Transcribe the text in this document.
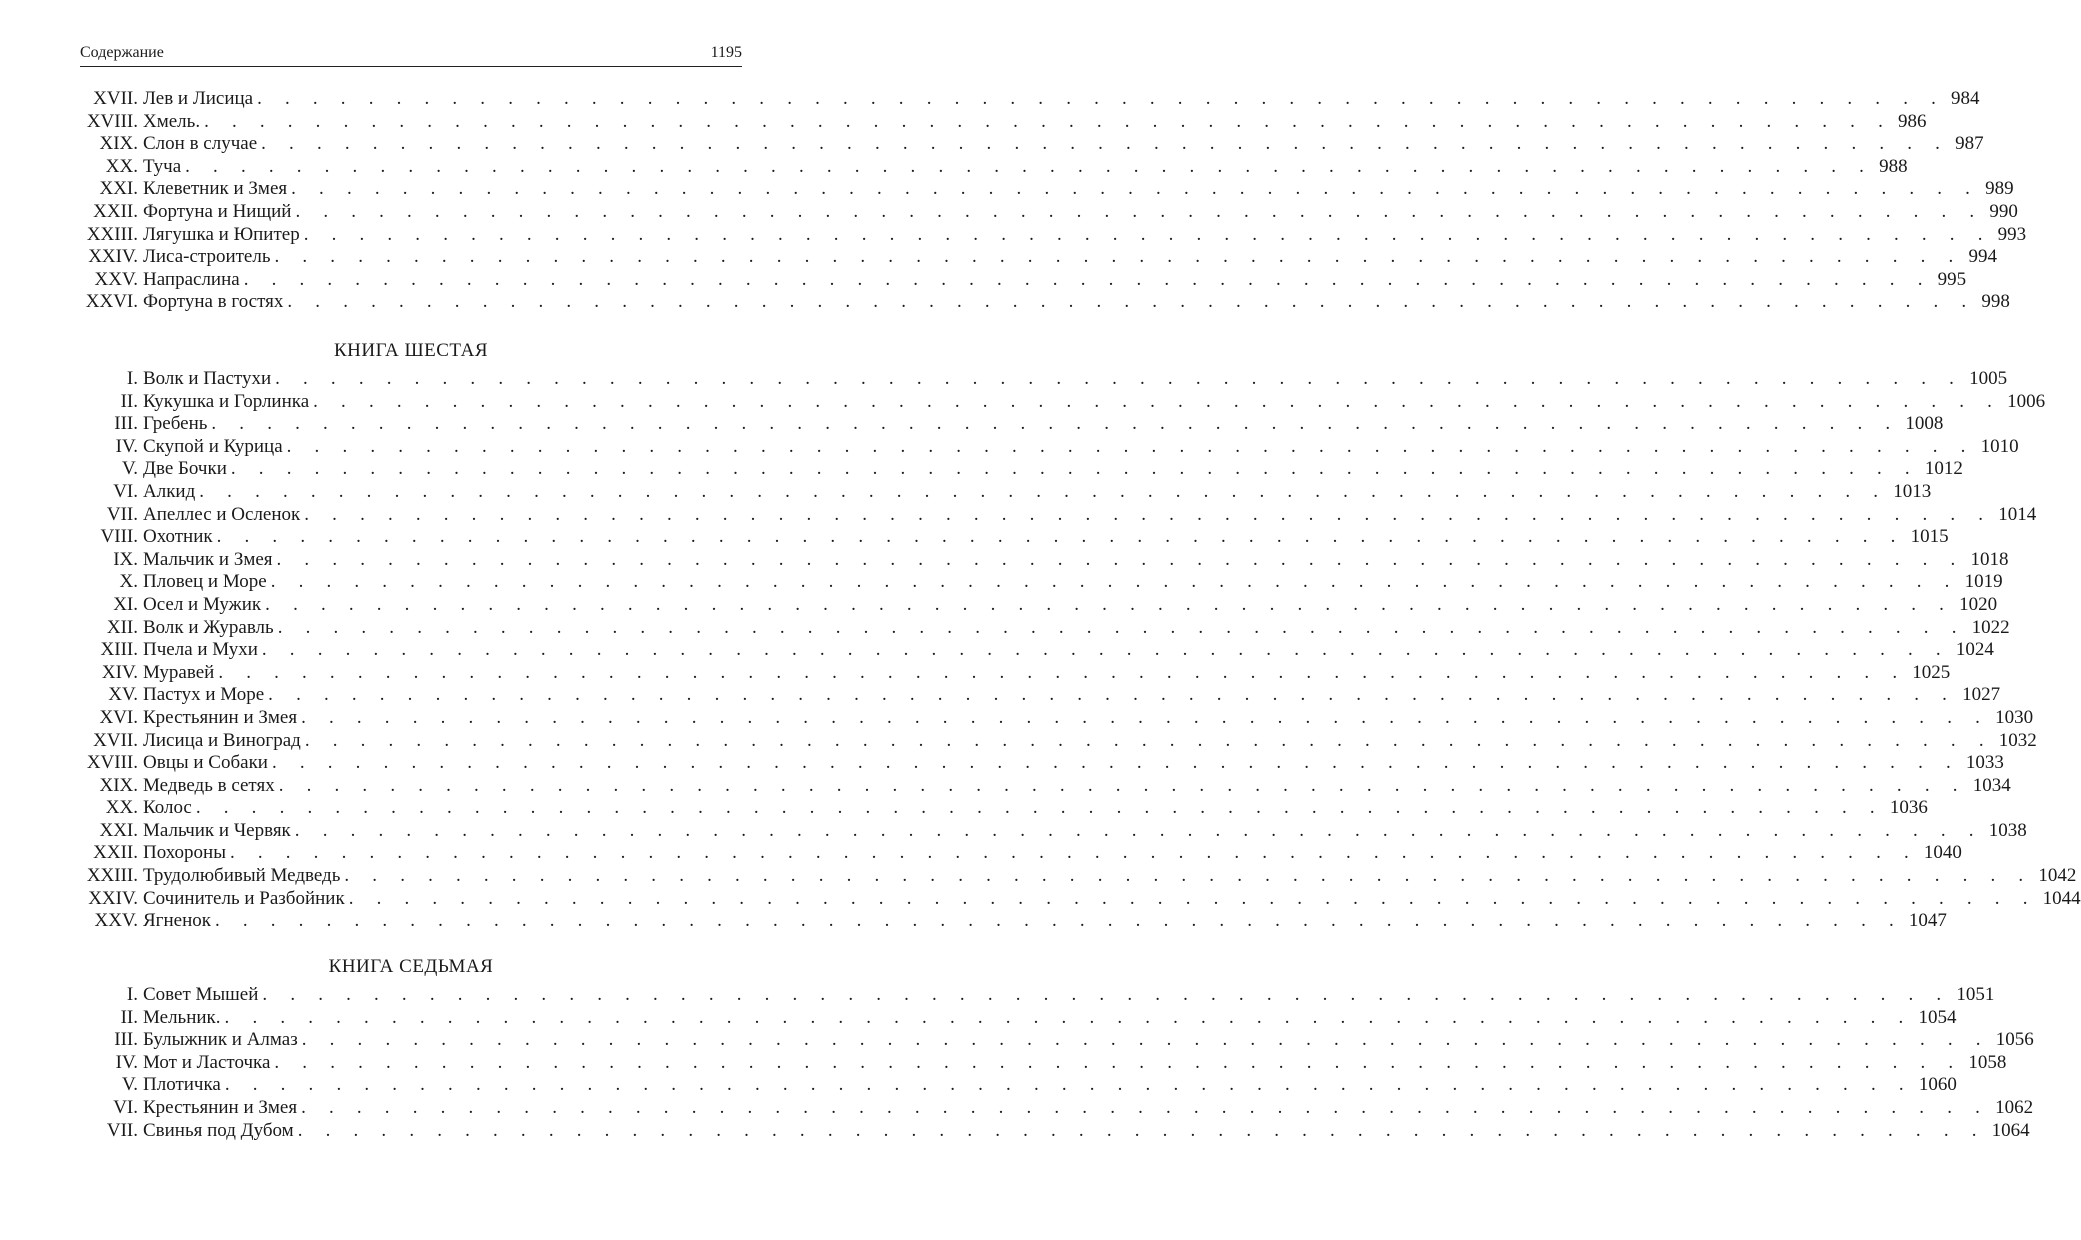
Содержание	1195
XVII. Лев и Лисица . . . . . . . . . . . . . . . . . . . . . . . . . . . . . . . . . . . . . . . . . . . . . . . . . . . . . . . . . . . . . 984
XVIII. Хмель. . . . . . . . . . . . . . . . . . . . . . . . . . . . . . . . . . . . . . . . . . . . . . . . . . . . . . . . . . . . . . 986
XIX. Слон в случае . . . . . . . . . . . . . . . . . . . . . . . . . . . . . . . . . . . . . . . . . . . . . . . . . . . . . . . . . . . . . 987
XX. Туча . . . . . . . . . . . . . . . . . . . . . . . . . . . . . . . . . . . . . . . . . . . . . . . . . . . . . . . . . . . . . 988
XXI. Клеветник и Змея . . . . . . . . . . . . . . . . . . . . . . . . . . . . . . . . . . . . . . . . . . . . . . . . . . . . . . . . . . . . . 989
XXII. Фортуна и Нищий . . . . . . . . . . . . . . . . . . . . . . . . . . . . . . . . . . . . . . . . . . . . . . . . . . . . . . . . . . . . . 990
XXIII. Лягушка и Юпитер . . . . . . . . . . . . . . . . . . . . . . . . . . . . . . . . . . . . . . . . . . . . . . . . . . . . . . . . . . . . . 993
XXIV. Лиса-строитель . . . . . . . . . . . . . . . . . . . . . . . . . . . . . . . . . . . . . . . . . . . . . . . . . . . . . . . . . . . . . 994
XXV. Напраслина . . . . . . . . . . . . . . . . . . . . . . . . . . . . . . . . . . . . . . . . . . . . . . . . . . . . . . . . . . . . . 995
XXVI. Фортуна в гостях . . . . . . . . . . . . . . . . . . . . . . . . . . . . . . . . . . . . . . . . . . . . . . . . . . . . . . . . . . . . . 998
КНИГА ШЕСТАЯ
I. Волк и Пастухи . . . . . . . . . . . . . . . . . . . . . . . . . . . . . . . . . . . . . . . . . . . . . . . . . . . . . . . . . . . . . 1005
II. Кукушка и Горлинка . . . . . . . . . . . . . . . . . . . . . . . . . . . . . . . . . . . . . . . . . . . . . . . . . . . . . . . . . . . . . 1006
III. Гребень . . . . . . . . . . . . . . . . . . . . . . . . . . . . . . . . . . . . . . . . . . . . . . . . . . . . . . . . . . . . . 1008
IV. Скупой и Курица . . . . . . . . . . . . . . . . . . . . . . . . . . . . . . . . . . . . . . . . . . . . . . . . . . . . . . . . . . . . . 1010
V. Две Бочки . . . . . . . . . . . . . . . . . . . . . . . . . . . . . . . . . . . . . . . . . . . . . . . . . . . . . . . . . . . . . 1012
VI. Алкид . . . . . . . . . . . . . . . . . . . . . . . . . . . . . . . . . . . . . . . . . . . . . . . . . . . . . . . . . . . . . 1013
VII. Апеллес и Осленок . . . . . . . . . . . . . . . . . . . . . . . . . . . . . . . . . . . . . . . . . . . . . . . . . . . . . . . . . . . . . 1014
VIII. Охотник . . . . . . . . . . . . . . . . . . . . . . . . . . . . . . . . . . . . . . . . . . . . . . . . . . . . . . . . . . . . . 1015
IX. Мальчик и Змея . . . . . . . . . . . . . . . . . . . . . . . . . . . . . . . . . . . . . . . . . . . . . . . . . . . . . . . . . . . . . 1018
X. Пловец и Море . . . . . . . . . . . . . . . . . . . . . . . . . . . . . . . . . . . . . . . . . . . . . . . . . . . . . . . . . . . . . 1019
XI. Осел и Мужик . . . . . . . . . . . . . . . . . . . . . . . . . . . . . . . . . . . . . . . . . . . . . . . . . . . . . . . . . . . . . 1020
XII. Волк и Журавль . . . . . . . . . . . . . . . . . . . . . . . . . . . . . . . . . . . . . . . . . . . . . . . . . . . . . . . . . . . . . 1022
XIII. Пчела и Мухи . . . . . . . . . . . . . . . . . . . . . . . . . . . . . . . . . . . . . . . . . . . . . . . . . . . . . . . . . . . . . 1024
XIV. Муравей . . . . . . . . . . . . . . . . . . . . . . . . . . . . . . . . . . . . . . . . . . . . . . . . . . . . . . . . . . . . . 1025
XV. Пастух и Море . . . . . . . . . . . . . . . . . . . . . . . . . . . . . . . . . . . . . . . . . . . . . . . . . . . . . . . . . . . . . 1027
XVI. Крестьянин и Змея . . . . . . . . . . . . . . . . . . . . . . . . . . . . . . . . . . . . . . . . . . . . . . . . . . . . . . . . . . . . . 1030
XVII. Лисица и Виноград . . . . . . . . . . . . . . . . . . . . . . . . . . . . . . . . . . . . . . . . . . . . . . . . . . . . . . . . . . . . . 1032
XVIII. Овцы и Собаки . . . . . . . . . . . . . . . . . . . . . . . . . . . . . . . . . . . . . . . . . . . . . . . . . . . . . . . . . . . . . 1033
XIX. Медведь в сетях . . . . . . . . . . . . . . . . . . . . . . . . . . . . . . . . . . . . . . . . . . . . . . . . . . . . . . . . . . . . . 1034
XX. Колос . . . . . . . . . . . . . . . . . . . . . . . . . . . . . . . . . . . . . . . . . . . . . . . . . . . . . . . . . . . . . 1036
XXI. Мальчик и Червяк . . . . . . . . . . . . . . . . . . . . . . . . . . . . . . . . . . . . . . . . . . . . . . . . . . . . . . . . . . . . . 1038
XXII. Похороны . . . . . . . . . . . . . . . . . . . . . . . . . . . . . . . . . . . . . . . . . . . . . . . . . . . . . . . . . . . . . 1040
XXIII. Трудолюбивый Медведь . . . . . . . . . . . . . . . . . . . . . . . . . . . . . . . . . . . . . . . . . . . . . . . . . . . . . . . . . . . . . 1042
XXIV. Сочинитель и Разбойник . . . . . . . . . . . . . . . . . . . . . . . . . . . . . . . . . . . . . . . . . . . . . . . . . . . . . . . . . . . . . 1044
XXV. Ягненок . . . . . . . . . . . . . . . . . . . . . . . . . . . . . . . . . . . . . . . . . . . . . . . . . . . . . . . . . . . . . 1047
КНИГА СЕДЬМАЯ
I. Совет Мышей . . . . . . . . . . . . . . . . . . . . . . . . . . . . . . . . . . . . . . . . . . . . . . . . . . . . . . . . . . . . . 1051
II. Мельник. . . . . . . . . . . . . . . . . . . . . . . . . . . . . . . . . . . . . . . . . . . . . . . . . . . . . . . . . . . . . . 1054
III. Булыжник и Алмаз . . . . . . . . . . . . . . . . . . . . . . . . . . . . . . . . . . . . . . . . . . . . . . . . . . . . . . . . . . . . . 1056
IV. Мот и Ласточка . . . . . . . . . . . . . . . . . . . . . . . . . . . . . . . . . . . . . . . . . . . . . . . . . . . . . . . . . . . . . 1058
V. Плотичка . . . . . . . . . . . . . . . . . . . . . . . . . . . . . . . . . . . . . . . . . . . . . . . . . . . . . . . . . . . . . 1060
VI. Крестьянин и Змея . . . . . . . . . . . . . . . . . . . . . . . . . . . . . . . . . . . . . . . . . . . . . . . . . . . . . . . . . . . . . 1062
VII. Свинья под Дубом . . . . . . . . . . . . . . . . . . . . . . . . . . . . . . . . . . . . . . . . . . . . . . . . . . . . . . . . . . . . . 1064
